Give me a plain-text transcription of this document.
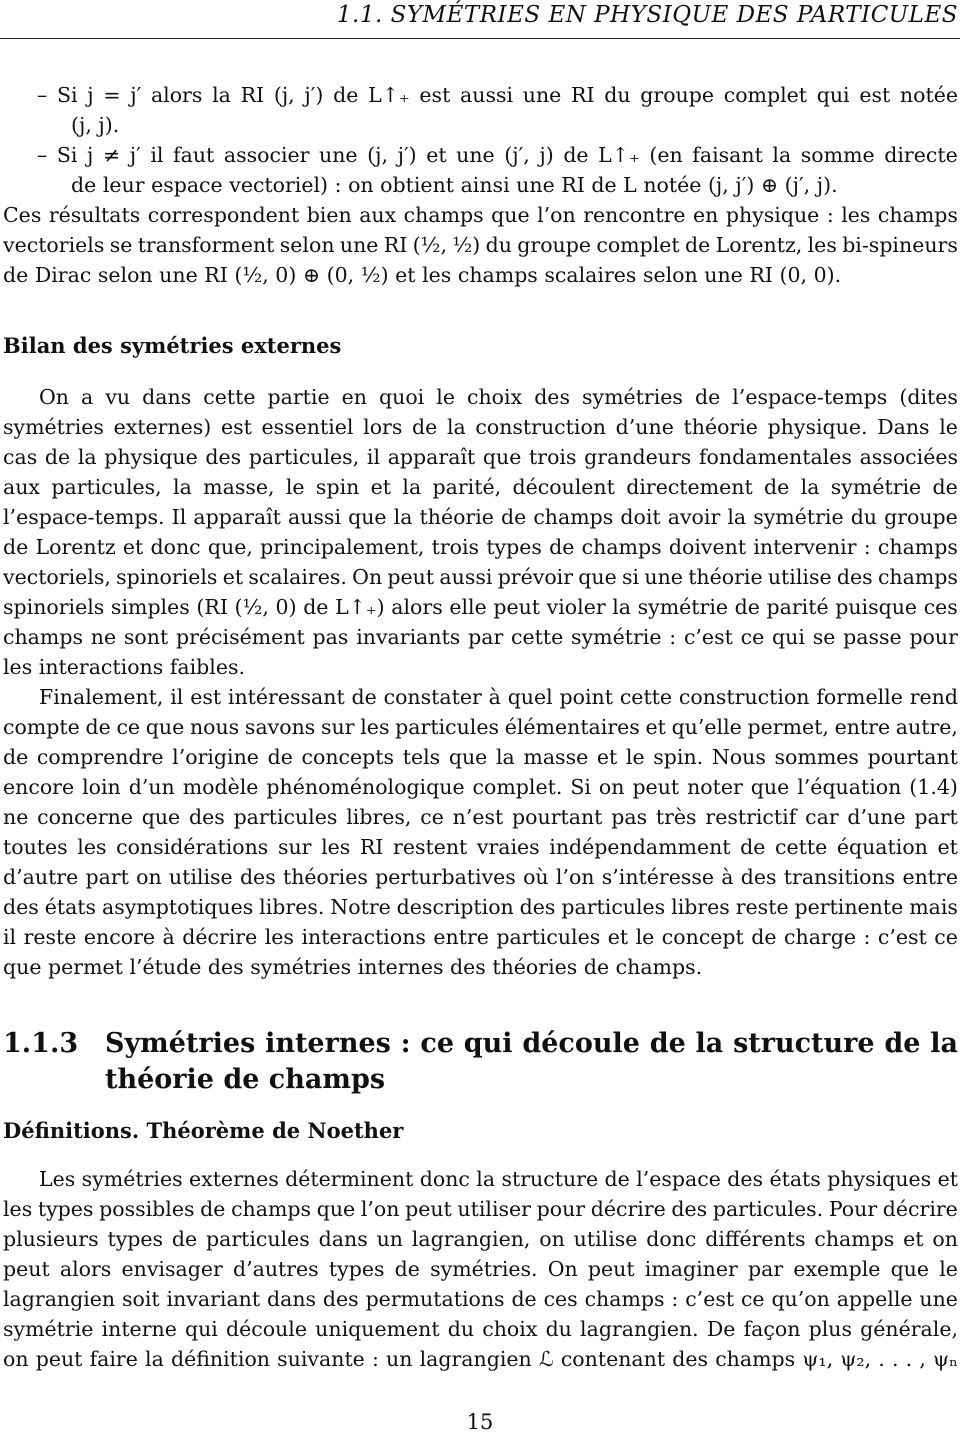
1.1. SYMÉTRIES EN PHYSIQUE DES PARTICULES
– Si j = j′ alors la RI (j, j′) de L↑₊ est aussi une RI du groupe complet qui est notée
(j, j).
– Si j ≠ j′ il faut associer une (j, j′) et une (j′, j) de L↑₊ (en faisant la somme directe
de leur espace vectoriel) : on obtient ainsi une RI de L notée (j, j′) ⊕ (j′, j).
Ces résultats correspondent bien aux champs que l’on rencontre en physique : les champs
vectoriels se transforment selon une RI (½, ½) du groupe complet de Lorentz, les bi-spineurs
de Dirac selon une RI (½, 0) ⊕ (0, ½) et les champs scalaires selon une RI (0, 0).
Bilan des symétries externes
On a vu dans cette partie en quoi le choix des symétries de l’espace-temps (dites
symétries externes) est essentiel lors de la construction d’une théorie physique. Dans le
cas de la physique des particules, il apparaît que trois grandeurs fondamentales associées
aux particules, la masse, le spin et la parité, découlent directement de la symétrie de
l’espace-temps. Il apparaît aussi que la théorie de champs doit avoir la symétrie du groupe
de Lorentz et donc que, principalement, trois types de champs doivent intervenir : champs
vectoriels, spinoriels et scalaires. On peut aussi prévoir que si une théorie utilise des champs
spinoriels simples (RI (½, 0) de L↑₊) alors elle peut violer la symétrie de parité puisque ces
champs ne sont précisément pas invariants par cette symétrie : c’est ce qui se passe pour
les interactions faibles.
Finalement, il est intéressant de constater à quel point cette construction formelle rend
compte de ce que nous savons sur les particules élémentaires et qu’elle permet, entre autre,
de comprendre l’origine de concepts tels que la masse et le spin. Nous sommes pourtant
encore loin d’un modèle phénoménologique complet. Si on peut noter que l’équation (1.4)
ne concerne que des particules libres, ce n’est pourtant pas très restrictif car d’une part
toutes les considérations sur les RI restent vraies indépendamment de cette équation et
d’autre part on utilise des théories perturbatives où l’on s’intéresse à des transitions entre
des états asymptotiques libres. Notre description des particules libres reste pertinente mais
il reste encore à décrire les interactions entre particules et le concept de charge : c’est ce
que permet l’étude des symétries internes des théories de champs.
1.1.3 Symétries internes : ce qui découle de la structure de la
théorie de champs
Définitions. Théorème de Noether
Les symétries externes déterminent donc la structure de l’espace des états physiques et
les types possibles de champs que l’on peut utiliser pour décrire des particules. Pour décrire
plusieurs types de particules dans un lagrangien, on utilise donc différents champs et on
peut alors envisager d’autres types de symétries. On peut imaginer par exemple que le
lagrangien soit invariant dans des permutations de ces champs : c’est ce qu’on appelle une
symétrie interne qui découle uniquement du choix du lagrangien. De façon plus générale,
on peut faire la définition suivante : un lagrangien ℒ contenant des champs ψ₁, ψ₂, . . . , ψₙ
15
